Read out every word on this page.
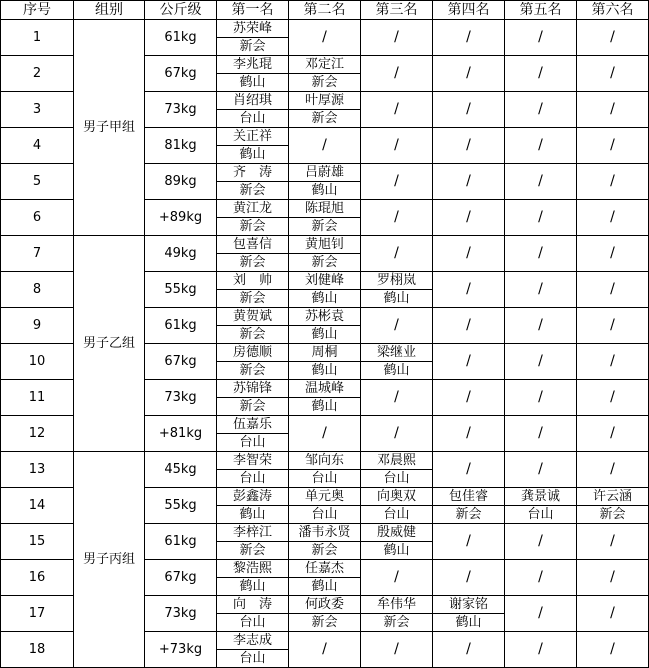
序号	组别	公斤级	第一名	第二名	第三名	第四名	第五名	第六名
1	男子甲组	61kg	苏荣峰	/	/	/	/	/
			新会					
2		67kg	李兆琨	邓定江	/	/	/	/
			鹤山	新会				
3		73kg	肖绍琪	叶厚源	/	/	/	/
			台山	新会				
4		81kg	关正祥	/	/	/	/	/
			鹤山					
5		89kg	齐　涛	吕蔚雄	/	/	/	/
			新会	鹤山				
6		+89kg	黄江龙	陈琨旭	/	/	/	/
			新会	新会				
7	男子乙组	49kg	包喜信	黄旭钊	/	/	/	/
			新会	新会				
8		55kg	刘　帅	刘健峰	罗栩岚	/	/	/
			新会	鹤山	鹤山			
9		61kg	黄贺斌	苏彬袁	/	/	/	/
			新会	鹤山				
10		67kg	房德顺	周桐	梁继业	/	/	/
			新会	鹤山	鹤山			
11		73kg	苏锦锋	温城峰	/	/	/	/
			新会	鹤山				
12		+81kg	伍嘉乐	/	/	/	/	/
			台山					
13	男子丙组	45kg	李智荣	邹向东	邓晨熙	/	/	/
			台山	台山	台山			
14		55kg	彭鑫涛	单元奥	向奥双	包佳睿	龚景诚	许云涵
			鹤山	台山	台山	新会	台山	新会
15		61kg	李梓江	潘韦永贤	殷威健	/	/	/
			新会	新会	鹤山			
16		67kg	黎浩熙	任嘉杰	/	/	/	/
			鹤山	鹤山				
17		73kg	向　涛	何政委	牟伟华	谢家铭	/	/
			台山	新会	新会	鹤山		
18		+73kg	李志成	/	/	/	/	/
			台山					
